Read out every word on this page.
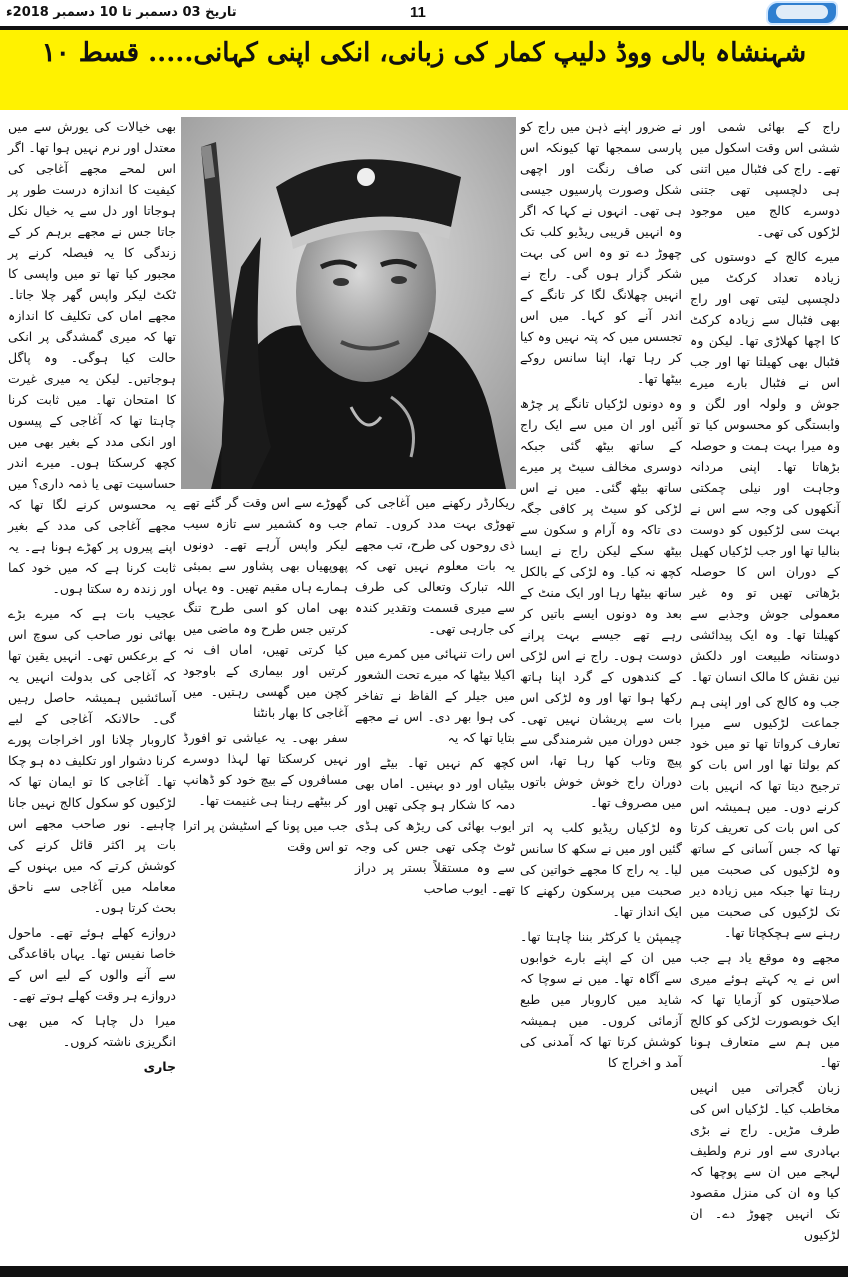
تاریخ 03 دسمبر تا 10 دسمبر 2018ء	11
شہنشاہ بالی ووڈ دلیپ کمار کی زبانی، انکی اپنی کہانی..... قسط ۱۰

راج کے بھائی شمی اور ششی اس وقت اسکول میں تھے۔ راج کی فٹبال میں اتنی ہی دلچسپی تھی جتنی دوسرے کالج میں موجود لڑکوں کی تھی۔

میرے کالج کے دوستوں کی زیادہ تعداد کرکٹ میں دلچسپی لیتی تھی اور راج بھی فٹبال سے زیادہ کرکٹ کا اچھا کھلاڑی تھا۔ لیکن وہ فٹبال بھی کھیلتا تھا اور جب اس نے فٹبال بارے میرے جوش و ولولہ اور لگن و وابستگی کو محسوس کیا تو وہ میرا بہت ہمت و حوصلہ بڑھاتا تھا۔ اپنی مردانہ وجاہت اور نیلی چمکتی آنکھوں کی وجہ سے اس نے بہت سی لڑکیوں کو دوست بنالیا تھا اور جب لڑکیاں کھیل کے دوران اس کا حوصلہ بڑھاتی تھیں تو وہ غیر معمولی جوش وجذبے سے کھیلتا تھا۔ وہ ایک پیدائشی دوستانہ طبیعت اور دلکش نین نقش کا مالک انسان تھا۔

جب وہ کالج کی اور اپنی ہم جماعت لڑکیوں سے میرا تعارف کرواتا تھا تو میں خود کم بولتا تھا اور اس بات کو ترجیح دیتا تھا کہ انہیں بات کرنے دوں۔ میں ہمیشہ اس کی اس بات کی تعریف کرتا تھا کہ جس آسانی کے ساتھ وہ لڑکیوں کی صحبت میں رہتا تھا جبکہ میں زیادہ دیر تک لڑکیوں کی صحبت میں رہنے سے ہچکچاتا تھا۔

مجھے وہ موقع یاد ہے جب اس نے یہ کہتے ہوئے میری صلاحیتوں کو آزمایا تھا کہ ایک خوبصورت لڑکی کو کالج میں ہم سے متعارف ہونا تھا۔

زبان گجراتی میں انہیں مخاطب کیا۔ لڑکیاں اس کی طرف مڑیں۔ راج نے بڑی بہادری سے اور نرم ولطیف لہجے میں ان سے پوچھا کہ کیا وہ ان کی منزل مقصود تک انہیں چھوڑ دے۔ ان لڑکیوں

نے ضرور اپنے ذہن میں راج کو پارسی سمجھا تھا کیونکہ اس کی صاف رنگت اور اچھی شکل وصورت پارسیوں جیسی ہی تھی۔ انہوں نے کہا کہ اگر وہ انہیں قریبی ریڈیو کلب تک چھوڑ دے تو وہ اس کی بہت شکر گزار ہوں گی۔ راج نے انہیں چھلانگ لگا کر تانگے کے اندر آنے کو کہا۔ میں اس تجسس میں کہ پتہ نہیں وہ کیا کر رہا تھا، اپنا سانس روکے بیٹھا تھا۔

وہ دونوں لڑکیاں تانگے پر چڑھ آئیں اور ان میں سے ایک راج کے ساتھ بیٹھ گئی جبکہ دوسری مخالف سیٹ پر میرے ساتھ بیٹھ گئی۔ میں نے اس لڑکی کو سیٹ پر کافی جگہ دی تاکہ وہ آرام و سکون سے بیٹھ سکے لیکن راج نے ایسا کچھ نہ کیا۔ وہ لڑکی کے بالکل ساتھ بیٹھا رہا اور ایک منٹ کے بعد وہ دونوں ایسے باتیں کر رہے تھے جیسے بہت پرانے دوست ہوں۔ راج نے اس لڑکی کے کندھوں کے گرد اپنا ہاتھ رکھا ہوا تھا اور وہ لڑکی اس بات سے پریشان نہیں تھی۔ جس دوران میں شرمندگی سے پیچ وتاب کھا رہا تھا، اس دوران راج خوش خوش باتوں میں مصروف تھا۔

وہ لڑکیاں ریڈیو کلب پہ اتر گئیں اور میں نے سکھ کا سانس لیا۔ یہ راج کا مجھے خواتین کی صحبت میں پرسکون رکھنے کا ایک انداز تھا۔

چیمپئن یا کرکٹر بننا چاہتا تھا۔ میں ان کے اپنے بارے خوابوں سے آگاہ تھا۔ میں نے سوچا کہ شاید میں کاروبار میں طبع آزمائی کروں۔ میں ہمیشہ کوشش کرتا تھا کہ آمدنی کی آمد و اخراج کا

ریکارڈر رکھنے میں آغاجی کی تھوڑی بہت مدد کروں۔ تمام ذی روحوں کی طرح، تب مجھے یہ بات معلوم نہیں تھی کہ اللہ تبارک وتعالی کی طرف سے میری قسمت وتقدیر کندہ کی جارہی تھی۔

اس رات تنہائی میں کمرے میں اکیلا بیٹھا کہ میرے تحت الشعور میں جیلر کے الفاظ نے تفاخر کی ہوا بھر دی۔ اس نے مجھے بتایا تھا کہ یہ

کچھ کم نہیں تھا۔ بیٹے اور بیٹیاں اور دو بہنیں۔ اماں بھی دمہ کا شکار ہو چکی تھیں اور ایوب بھائی کی ریڑھ کی ہڈی ٹوٹ چکی تھی جس کی وجہ سے وہ مستقلاً بستر پر دراز تھے۔ ایوب صاحب

گھوڑے سے اس وقت گر گئے تھے جب وہ کشمیر سے تازہ سیب لیکر واپس آرہے تھے۔ دونوں پھوپھیاں بھی پشاور سے بمبئی ہمارے ہاں مقیم تھیں۔ وہ یہاں بھی اماں کو اسی طرح تنگ کرتیں جس طرح وہ ماضی میں کیا کرتی تھیں، اماں اف نہ کرتیں اور بیماری کے باوجود کچن میں گھسی رہتیں۔ میں آغاجی کا بھار بانٹنا

سفر بھی۔ یہ عیاشی تو افورڈ نہیں کرسکتا تھا لہذا دوسرے مسافروں کے بیچ خود کو ڈھانپ کر بیٹھے رہنا ہی غنیمت تھا۔

جب میں پونا کے اسٹیشن پر اترا تو اس وقت

بھی خیالات کی یورش سے میں معتدل اور نرم نہیں ہوا تھا۔ اگر اس لمحے مجھے آغاجی کی کیفیت کا اندازہ درست طور پر ہوجاتا اور دل سے یہ خیال نکل جاتا جس نے مجھے برہم کر کے زندگی کا یہ فیصلہ کرنے پر مجبور کیا تھا تو میں واپسی کا ٹکٹ لیکر واپس گھر چلا جاتا۔ مجھے اماں کی تکلیف کا اندازہ تھا کہ میری گمشدگی پر انکی حالت کیا ہوگی۔ وہ پاگل ہوجاتیں۔ لیکن یہ میری غیرت کا امتحان تھا۔ میں ثابت کرنا چاہتا تھا کہ آغاجی کے پیسوں اور انکی مدد کے بغیر بھی میں کچھ کرسکتا ہوں۔ میرے اندر حساسیت تھی یا ذمہ داری؟ میں یہ محسوس کرنے لگا تھا کہ مجھے آغاجی کی مدد کے بغیر اپنے پیروں پر کھڑے ہونا ہے۔ یہ ثابت کرنا ہے کہ میں خود کما اور زندہ رہ سکتا ہوں۔

عجیب بات ہے کہ میرے بڑے بھائی نور صاحب کی سوچ اس کے برعکس تھی۔ انہیں یقین تھا کہ آغاجی کی بدولت انہیں یہ آسائشیں ہمیشہ حاصل رہیں گی۔ حالانکہ آغاجی کے لیے کاروبار چلانا اور اخراجات پورے کرنا دشوار اور تکلیف دہ ہو چکا تھا۔ آغاجی کا تو ایمان تھا کہ لڑکیوں کو سکول کالج نہیں جانا چاہیے۔ نور صاحب مجھے اس بات پر اکثر قائل کرنے کی کوشش کرتے کہ میں بہنوں کے معاملہ میں آغاجی سے ناحق بحث کرتا ہوں۔

دروازے کھلے ہوئے تھے۔ ماحول خاصا نفیس تھا۔ یہاں باقاعدگی سے آنے والوں کے لیے اس کے دروازے ہر وقت کھلے ہوتے تھے۔

میرا دل چاہا کہ میں بھی انگریزی ناشتہ کروں۔

جاری
